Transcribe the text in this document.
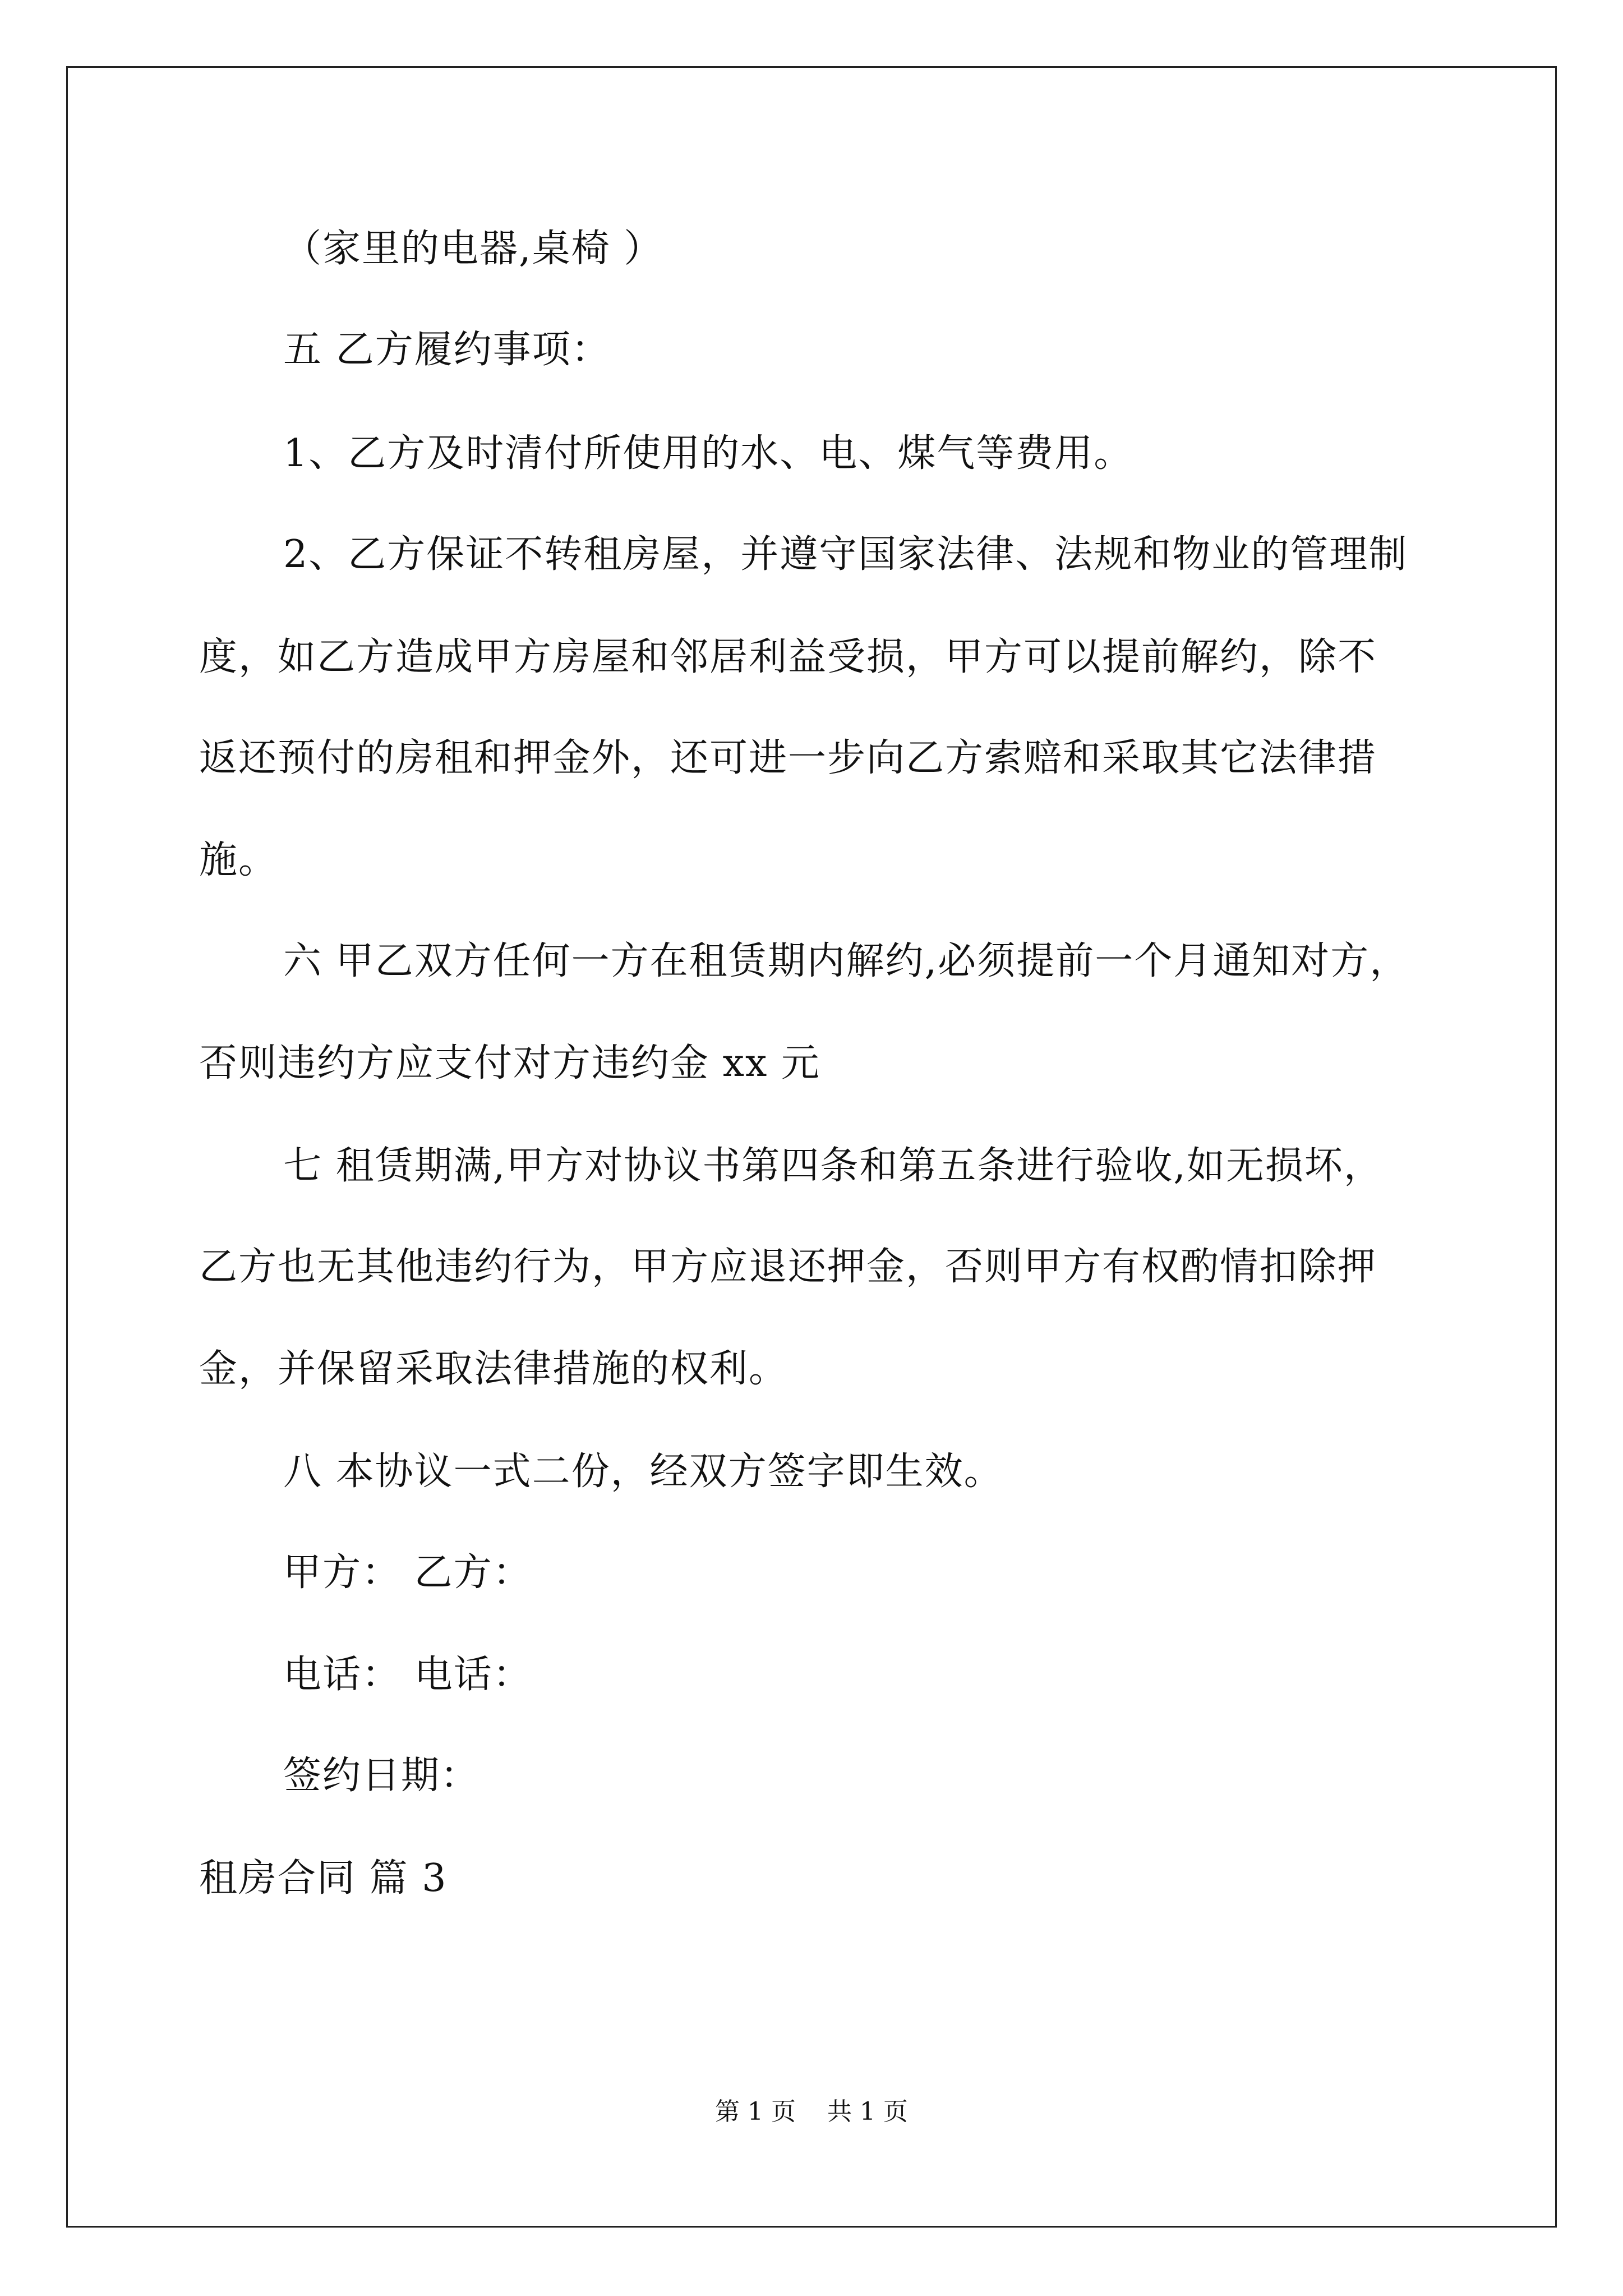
（家里的电器,桌椅 ）
五 乙方履约事项：
1、乙方及时清付所使用的水、电、煤气等费用。
2、乙方保证不转租房屋，并遵守国家法律、法规和物业的管理制
度，如乙方造成甲方房屋和邻居利益受损，甲方可以提前解约，除不
返还预付的房租和押金外，还可进一步向乙方索赔和采取其它法律措
施。
六 甲乙双方任何一方在租赁期内解约,必须提前一个月通知对方，
否则违约方应支付对方违约金 xx 元
七 租赁期满,甲方对协议书第四条和第五条进行验收,如无损坏，
乙方也无其他违约行为，甲方应退还押金，否则甲方有权酌情扣除押
金，并保留采取法律措施的权利。
八 本协议一式二份，经双方签字即生效。
甲方： 乙方：
电话： 电话：
签约日期：
租房合同 篇 3
第 1 页    共 1 页
